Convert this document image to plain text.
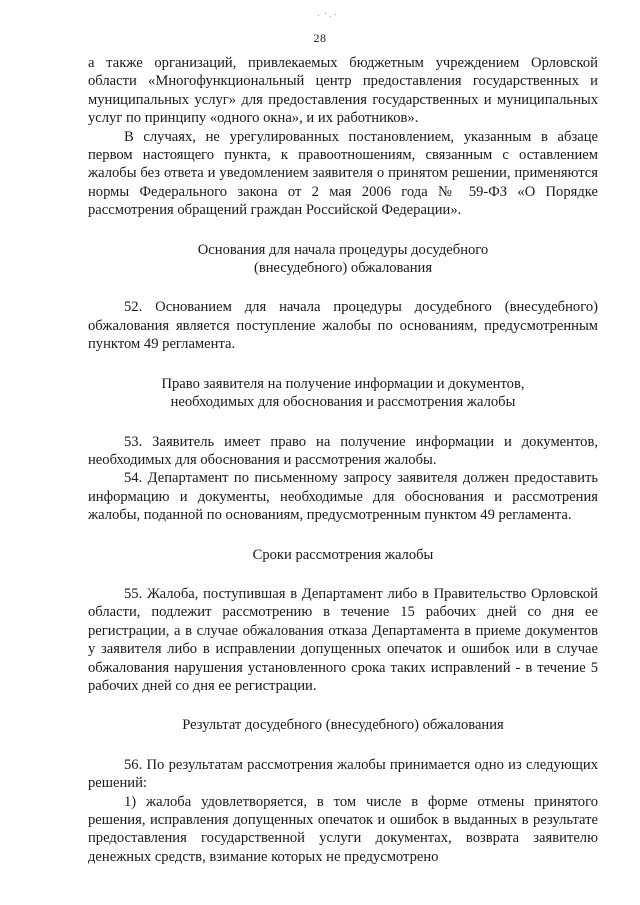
28

а также организаций, привлекаемых бюджетным учреждением Орловской области «Многофункциональный центр предоставления государственных и муниципальных услуг» для предоставления государственных и муниципальных услуг по принципу «одного окна», и их работников».

В случаях, не урегулированных постановлением, указанным в абзаце первом настоящего пункта, к правоотношениям, связанным с оставлением жалобы без ответа и уведомлением заявителя о принятом решении, применяются нормы Федерального закона от 2 мая 2006 года № 59-ФЗ «О Порядке рассмотрения обращений граждан Российской Федерации».

Основания для начала процедуры досудебного
(внесудебного) обжалования

52. Основанием для начала процедуры досудебного (внесудебного) обжалования является поступление жалобы по основаниям, предусмотренным пунктом 49 регламента.

Право заявителя на получение информации и документов,
необходимых для обоснования и рассмотрения жалобы

53. Заявитель имеет право на получение информации и документов, необходимых для обоснования и рассмотрения жалобы.

54. Департамент по письменному запросу заявителя должен предоставить информацию и документы, необходимые для обоснования и рассмотрения жалобы, поданной по основаниям, предусмотренным пунктом 49 регламента.

Сроки рассмотрения жалобы

55. Жалоба, поступившая в Департамент либо в Правительство Орловской области, подлежит рассмотрению в течение 15 рабочих дней со дня ее регистрации, а в случае обжалования отказа Департамента в приеме документов у заявителя либо в исправлении допущенных опечаток и ошибок или в случае обжалования нарушения установленного срока таких исправлений - в течение 5 рабочих дней со дня ее регистрации.

Результат досудебного (внесудебного) обжалования

56. По результатам рассмотрения жалобы принимается одно из следующих решений:

1) жалоба удовлетворяется, в том числе в форме отмены принятого решения, исправления допущенных опечаток и ошибок в выданных в результате предоставления государственной услуги документах, возврата заявителю денежных средств, взимание которых не предусмотрено
